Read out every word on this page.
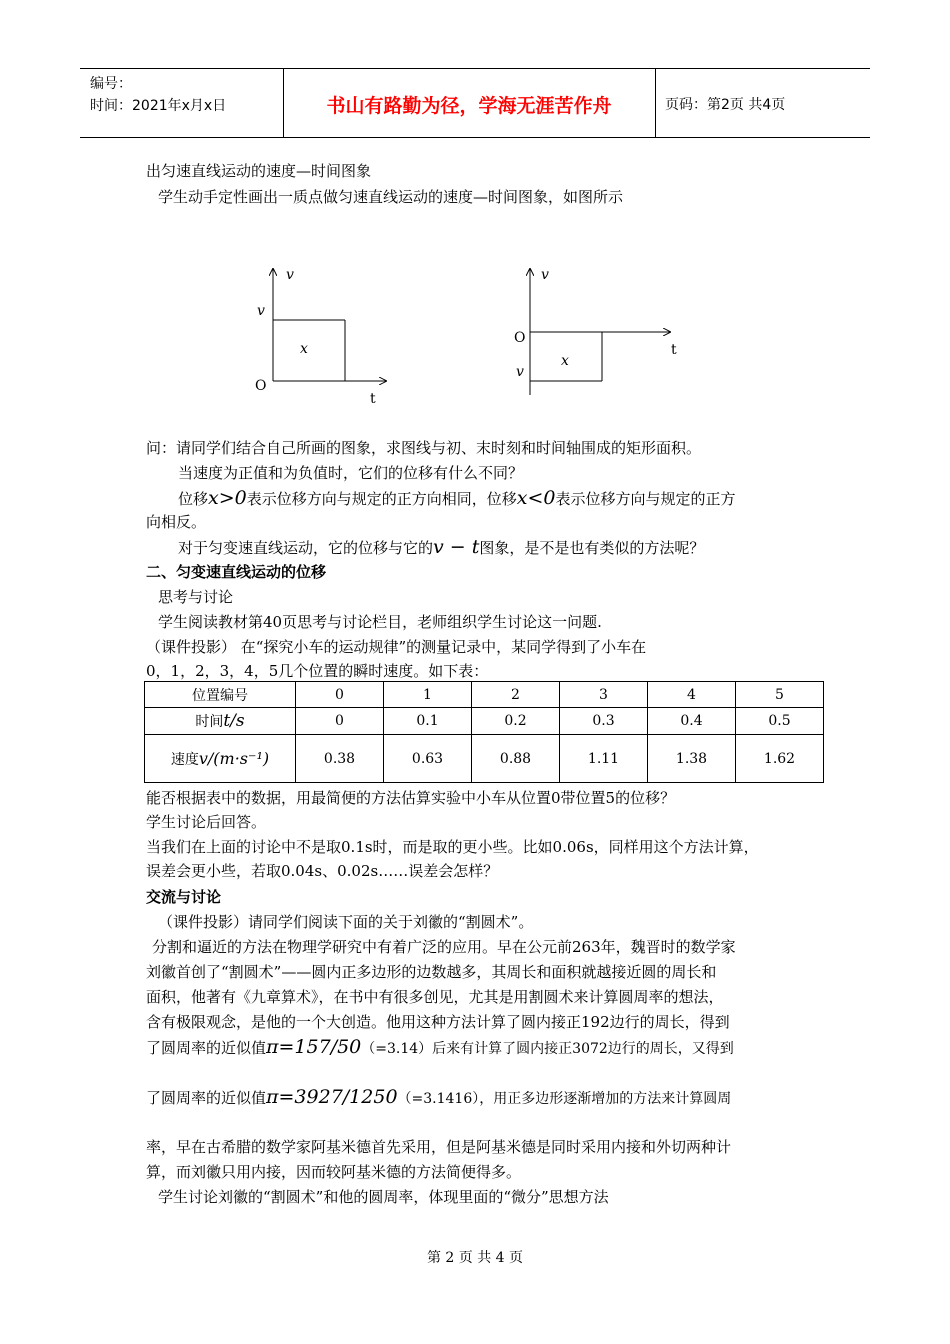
编号：
时间：2021年x月x日	书山有路勤为径，学海无涯苦作舟	页码：第2页 共4页
出匀速直线运动的速度—时间图象
学生动手定性画出一质点做匀速直线运动的速度—时间图象，如图所示
v
v
x
O
t
v
O
t
x
v
问：请同学们结合自己所画的图象，求图线与初、末时刻和时间轴围成的矩形面积。
当速度为正值和为负值时，它们的位移有什么不同？
位移x>0表示位移方向与规定的正方向相同，位移x<0表示位移方向与规定的正方
向相反。
对于匀变速直线运动，它的位移与它的v − t图象，是不是也有类似的方法呢？
二、匀变速直线运动的位移
思考与讨论
学生阅读教材第40页思考与讨论栏目，老师组织学生讨论这一问题.
（课件投影） 在“探究小车的运动规律”的测量记录中，某同学得到了小车在
0，1，2，3，4，5几个位置的瞬时速度。如下表：
位置编号	0	1	2	3	4	5
时间t/s	0	0.1	0.2	0.3	0.4	0.5
速度v/(m·s⁻¹)	0.38	0.63	0.88	1.11	1.38	1.62
能否根据表中的数据，用最简便的方法估算实验中小车从位置0带位置5的位移？
学生讨论后回答。
当我们在上面的讨论中不是取0.1s时，而是取的更小些。比如0.06s，同样用这个方法计算，
误差会更小些，若取0.04s、0.02s……误差会怎样？
交流与讨论
（课件投影）请同学们阅读下面的关于刘徽的“割圆术”。
分割和逼近的方法在物理学研究中有着广泛的应用。早在公元前263年，魏晋时的数学家
刘徽首创了“割圆术”——圆内正多边形的边数越多，其周长和面积就越接近圆的周长和
面积，他著有《九章算术》，在书中有很多创见，尤其是用割圆术来计算圆周率的想法，
含有极限观念，是他的一个大创造。他用这种方法计算了圆内接正192边行的周长，得到
了圆周率的近似值π=157/50（=3.14）后来有计算了圆内接正3072边行的周长，又得到
了圆周率的近似值π=3927/1250（=3.1416），用正多边形逐渐增加的方法来计算圆周
率，早在古希腊的数学家阿基米德首先采用，但是阿基米德是同时采用内接和外切两种计
算，而刘徽只用内接，因而较阿基米德的方法简便得多。
学生讨论刘徽的“割圆术”和他的圆周率，体现里面的“微分”思想方法
第 2 页 共 4 页
